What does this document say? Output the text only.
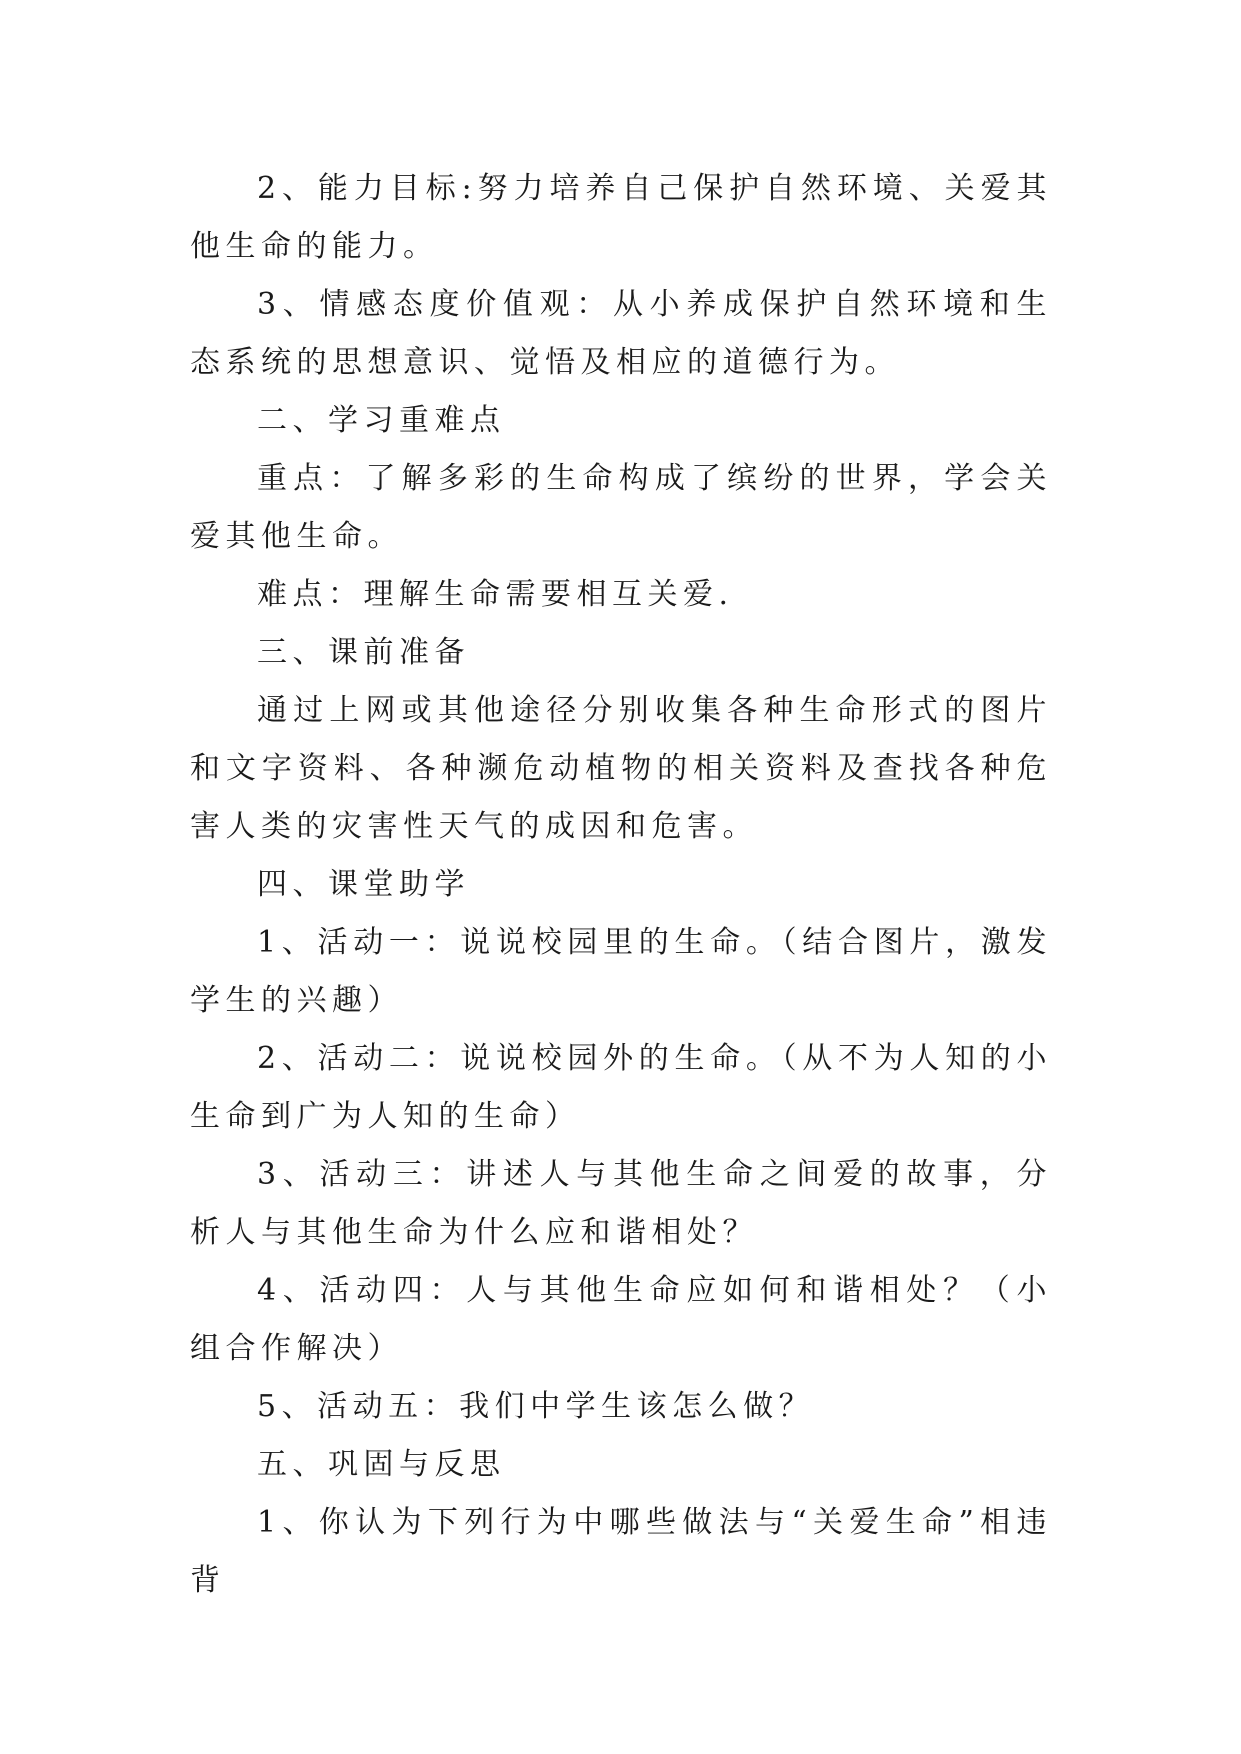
2、能力目标:努力培养自己保护自然环境、关爱其他生命的能力。

3、情感态度价值观：从小养成保护自然环境和生态系统的思想意识、觉悟及相应的道德行为。

二、学习重难点

重点：了解多彩的生命构成了缤纷的世界，学会关爱其他生命。

难点：理解生命需要相互关爱.

三、课前准备

通过上网或其他途径分别收集各种生命形式的图片和文字资料、各种濒危动植物的相关资料及查找各种危害人类的灾害性天气的成因和危害。

四、课堂助学

1、活动一：说说校园里的生命。（结合图片，激发学生的兴趣）

2、活动二：说说校园外的生命。（从不为人知的小生命到广为人知的生命）

3、活动三：讲述人与其他生命之间爱的故事，分析人与其他生命为什么应和谐相处？

4、活动四：人与其他生命应如何和谐相处？（小组合作解决）

5、活动五：我们中学生该怎么做？

五、巩固与反思

1、你认为下列行为中哪些做法与“关爱生命”相违背
